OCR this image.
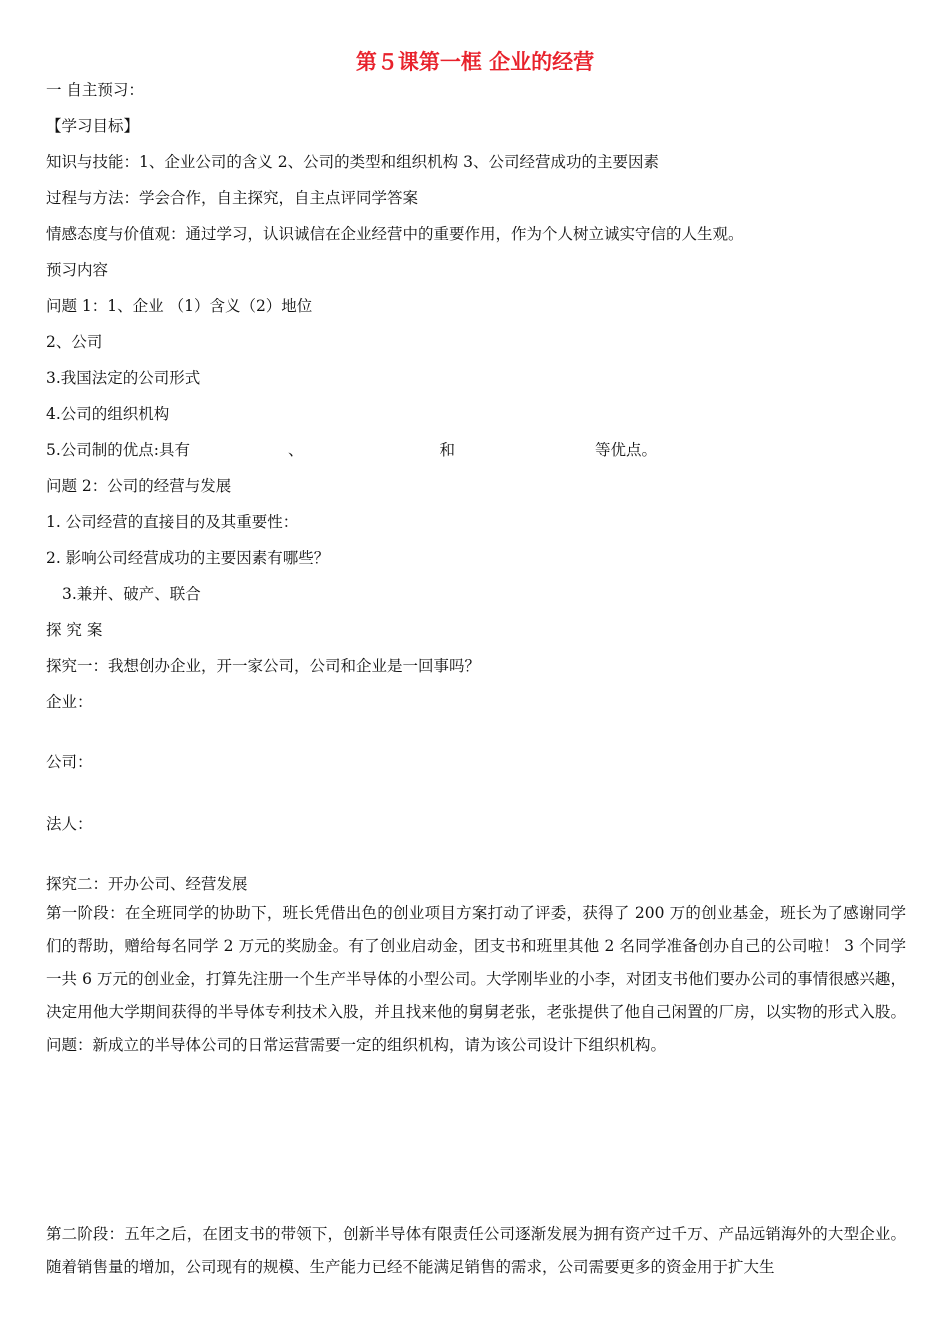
第５课第一框 企业的经营
一 自主预习：
【学习目标】
知识与技能：1、企业公司的含义 2、公司的类型和组织机构 3、公司经营成功的主要因素
过程与方法：学会合作，自主探究，自主点评同学答案
情感态度与价值观：通过学习，认识诚信在企业经营中的重要作用，作为个人树立诚实守信的人生观。
预习内容
问题 1：1、企业 （1）含义（2）地位
2、公司
3.我国法定的公司形式
4.公司的组织机构
5.公司制的优点:具有	、	和	等优点。
问题 2：公司的经营与发展
1. 公司经营的直接目的及其重要性：
2. 影响公司经营成功的主要因素有哪些？
3.兼并、破产、联合
探 究 案
探究一：我想创办企业，开一家公司，公司和企业是一回事吗？
企业：
公司：
法人：
探究二：开办公司、经营发展
第一阶段：在全班同学的协助下，班长凭借出色的创业项目方案打动了评委，获得了 200 万的创业基金，班长为了感谢同学们的帮助，赠给每名同学 2 万元的奖励金。有了创业启动金，团支书和班里其他 2 名同学准备创办自己的公司啦！ 3 个同学一共 6 万元的创业金，打算先注册一个生产半导体的小型公司。大学刚毕业的小李，对团支书他们要办公司的事情很感兴趣，决定用他大学期间获得的半导体专利技术入股，并且找来他的舅舅老张，老张提供了他自己闲置的厂房，以实物的形式入股。问题：新成立的半导体公司的日常运营需要一定的组织机构，请为该公司设计下组织机构。
第二阶段：五年之后，在团支书的带领下，创新半导体有限责任公司逐渐发展为拥有资产过千万、产品远销海外的大型企业。随着销售量的增加，公司现有的规模、生产能力已经不能满足销售的需求，公司需要更多的资金用于扩大生
